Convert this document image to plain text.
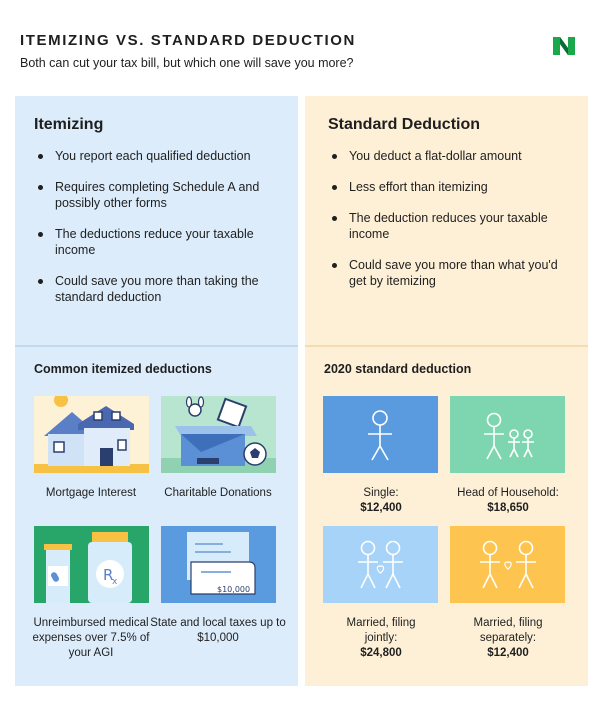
ITEMIZING VS. STANDARD DEDUCTION
Both can cut your tax bill, but which one will save you more?
Itemizing
You report each qualified deduction
Requires completing Schedule A and possibly other forms
The deductions reduce your taxable income
Could save you more than taking the standard deduction
Common itemized deductions
Mortgage Interest	Charitable Donations
R
x
Unreimbursed medical expenses over 7.5% of your AGI
$10,000
State and local taxes up to $10,000
Standard Deduction
You deduct a flat-dollar amount
Less effort than itemizing
The deduction reduces your taxable income
Could save you more than what you'd get by itemizing
2020 standard deduction
Single:
$12,400
Head of Household:
$18,650
Married, filing jointly:
$24,800
Married, filing separately:
$12,400
